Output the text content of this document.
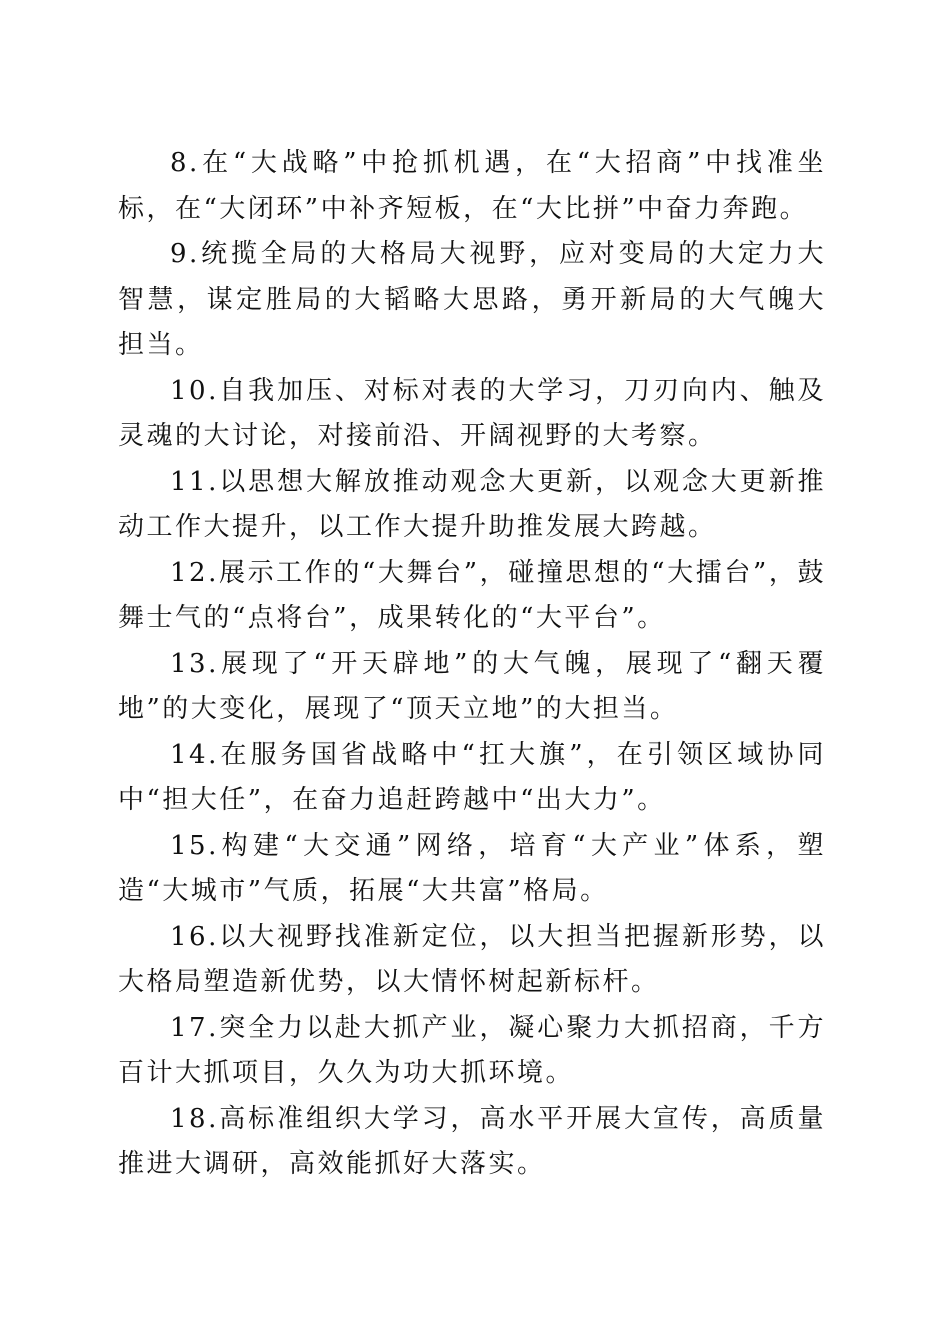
8.在“大战略”中抢抓机遇，在“大招商”中找准坐标，在“大闭环”中补齐短板，在“大比拼”中奋力奔跑。

9.统揽全局的大格局大视野，应对变局的大定力大智慧，谋定胜局的大韬略大思路，勇开新局的大气魄大担当。

10.自我加压、对标对表的大学习，刀刃向内、触及灵魂的大讨论，对接前沿、开阔视野的大考察。

11.以思想大解放推动观念大更新，以观念大更新推动工作大提升，以工作大提升助推发展大跨越。

12.展示工作的“大舞台”，碰撞思想的“大擂台”，鼓舞士气的“点将台”，成果转化的“大平台”。

13.展现了“开天辟地”的大气魄，展现了“翻天覆地”的大变化，展现了“顶天立地”的大担当。

14.在服务国省战略中“扛大旗”，在引领区域协同中“担大任”，在奋力追赶跨越中“出大力”。

15.构建“大交通”网络，培育“大产业”体系，塑造“大城市”气质，拓展“大共富”格局。

16.以大视野找准新定位，以大担当把握新形势，以大格局塑造新优势，以大情怀树起新标杆。

17.突全力以赴大抓产业，凝心聚力大抓招商，千方百计大抓项目，久久为功大抓环境。

18.高标准组织大学习，高水平开展大宣传，高质量推进大调研，高效能抓好大落实。
